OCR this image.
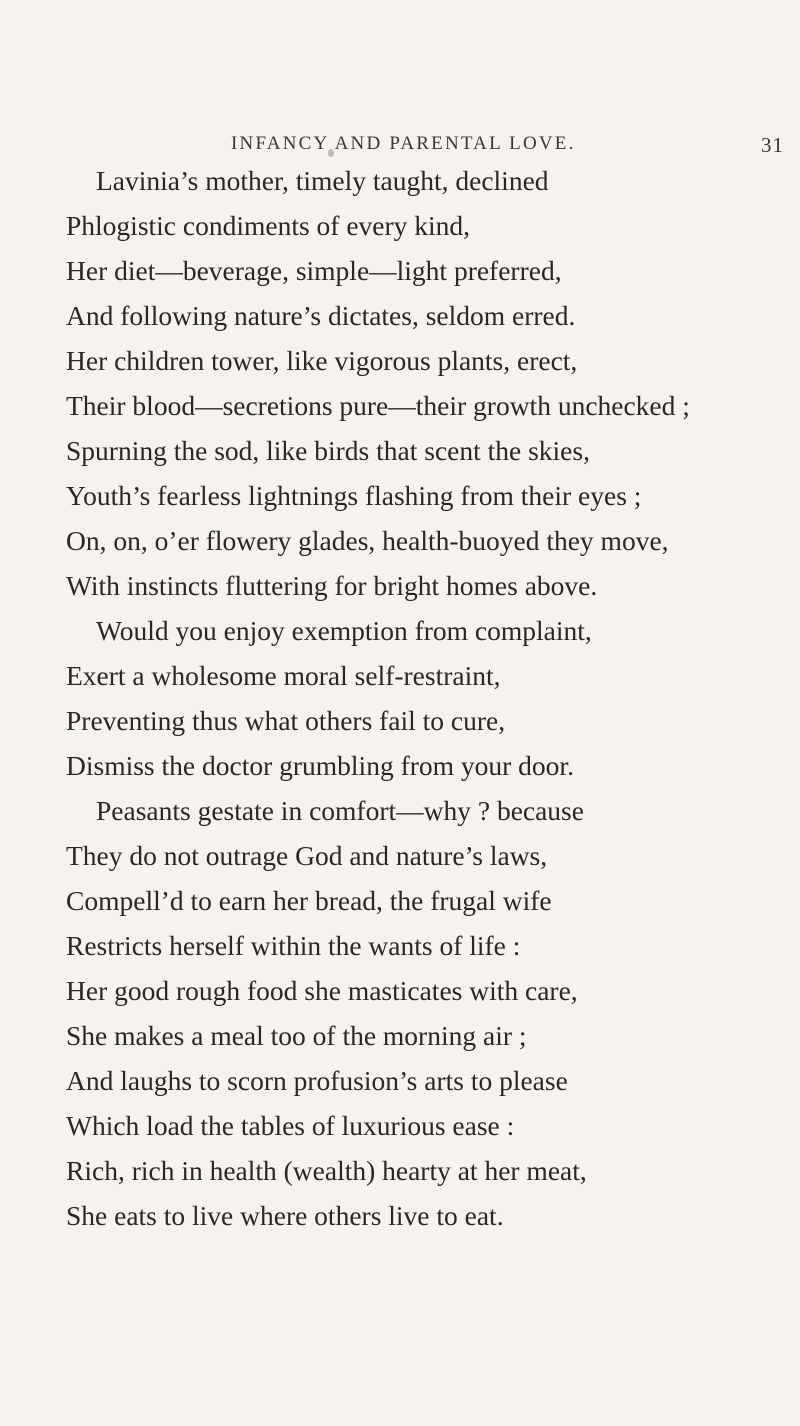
INFANCY AND PARENTAL LOVE.	31
Lavinia’s mother, timely taught, declined
Phlogistic condiments of every kind,
Her diet—beverage, simple—light preferred,
And following nature’s dictates, seldom erred.
Her children tower, like vigorous plants, erect,
Their blood—secretions pure—their growth unchecked ;
Spurning the sod, like birds that scent the skies,
Youth’s fearless lightnings flashing from their eyes ;
On, on, o’er flowery glades, health-buoyed they move,
With instincts fluttering for bright homes above.
Would you enjoy exemption from complaint,
Exert a wholesome moral self-restraint,
Preventing thus what others fail to cure,
Dismiss the doctor grumbling from your door.
Peasants gestate in comfort—why ? because
They do not outrage God and nature’s laws,
Compell’d to earn her bread, the frugal wife
Restricts herself within the wants of life :
Her good rough food she masticates with care,
She makes a meal too of the morning air ;
And laughs to scorn profusion’s arts to please
Which load the tables of luxurious ease :
Rich, rich in health (wealth) hearty at her meat,
She eats to live where others live to eat.
